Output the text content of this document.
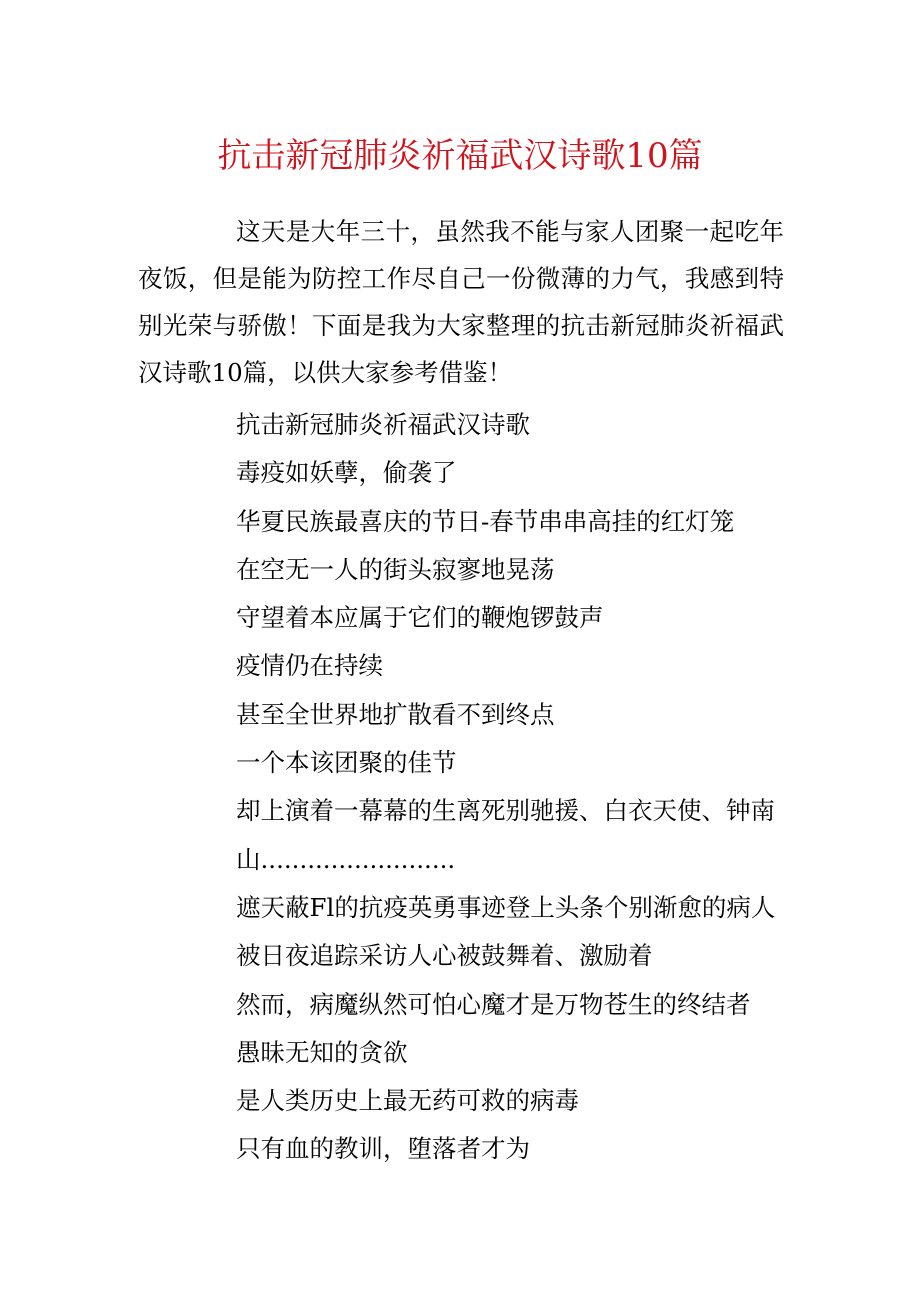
抗击新冠肺炎祈福武汉诗歌10篇

这天是大年三十，虽然我不能与家人团聚一起吃年夜饭，但是能为防控工作尽自己一份微薄的力气，我感到特别光荣与骄傲！下面是我为大家整理的抗击新冠肺炎祈福武汉诗歌10篇，以供大家参考借鉴！

抗击新冠肺炎祈福武汉诗歌
毒疫如妖孽，偷袭了
华夏民族最喜庆的节日-春节串串高挂的红灯笼
在空无一人的街头寂寥地晃荡
守望着本应属于它们的鞭炮锣鼓声
疫情仍在持续
甚至全世界地扩散看不到终点
一个本该团聚的佳节
却上演着一幕幕的生离死别驰援、白衣天使、钟南
山.........................
遮天蔽Fl的抗疫英勇事迹登上头条个别渐愈的病人
被日夜追踪采访人心被鼓舞着、激励着
然而，病魔纵然可怕心魔才是万物苍生的终结者
愚昧无知的贪欲
是人类历史上最无药可救的病毒
只有血的教训，堕落者才为
